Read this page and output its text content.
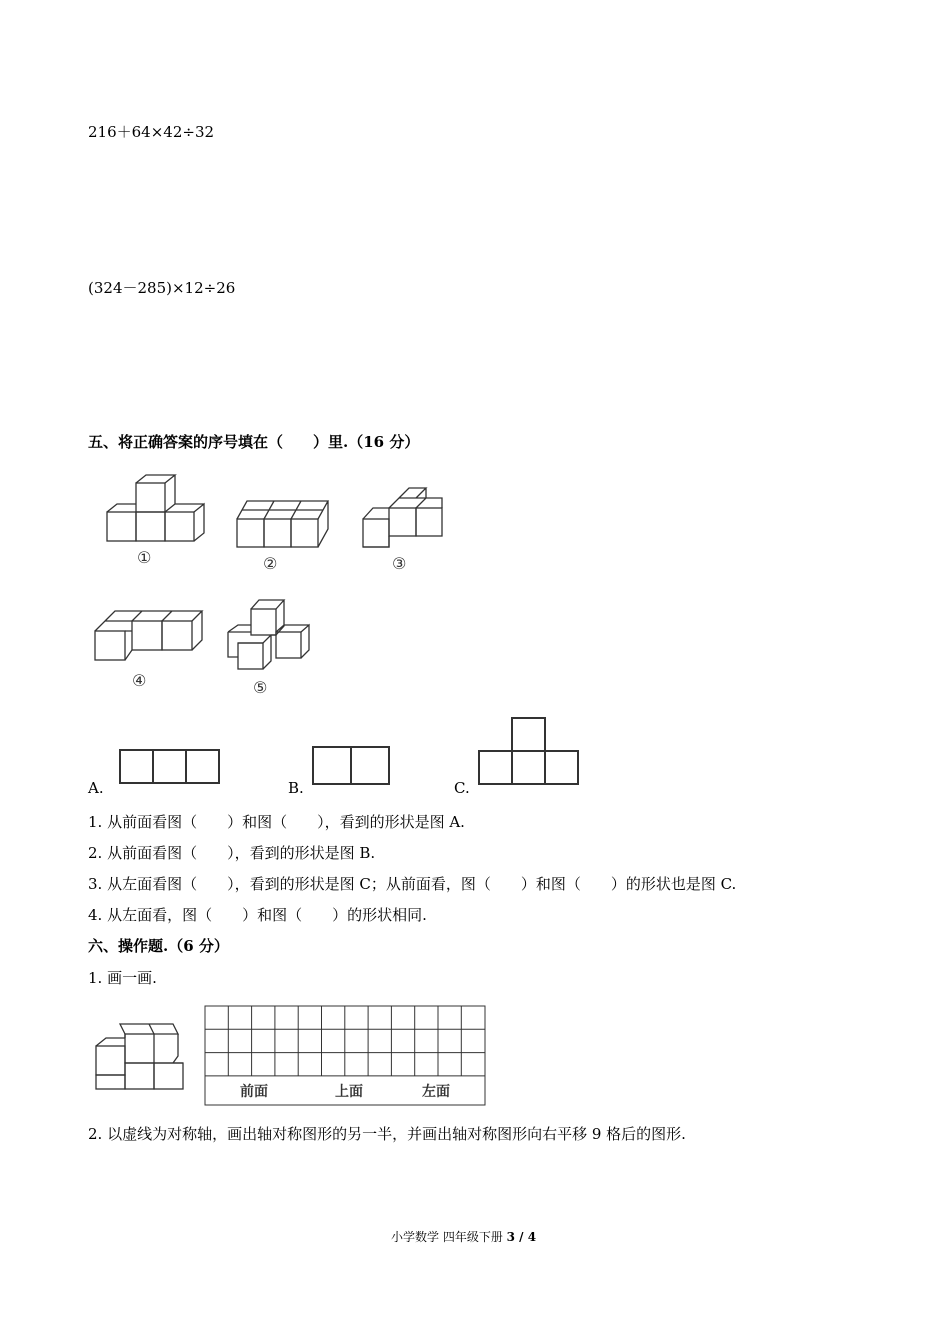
216＋64×42÷32
(324－285)×12÷26
五、将正确答案的序号填在（　　）里.（16 分）
①	②	③
④	⑤
A.	B.	C.
1. 从前面看图（　　）和图（　　），看到的形状是图 A.
2. 从前面看图（　　），看到的形状是图 B.
3. 从左面看图（　　），看到的形状是图 C；从前面看，图（　　）和图（　　）的形状也是图 C.
4. 从左面看，图（　　）和图（　　）的形状相同.
六、操作题.（6 分）
1. 画一画.
前面	上面	左面
2. 以虚线为对称轴，画出轴对称图形的另一半，并画出轴对称图形向右平移 9 格后的图形.
小学数学 四年级下册 3 / 4
